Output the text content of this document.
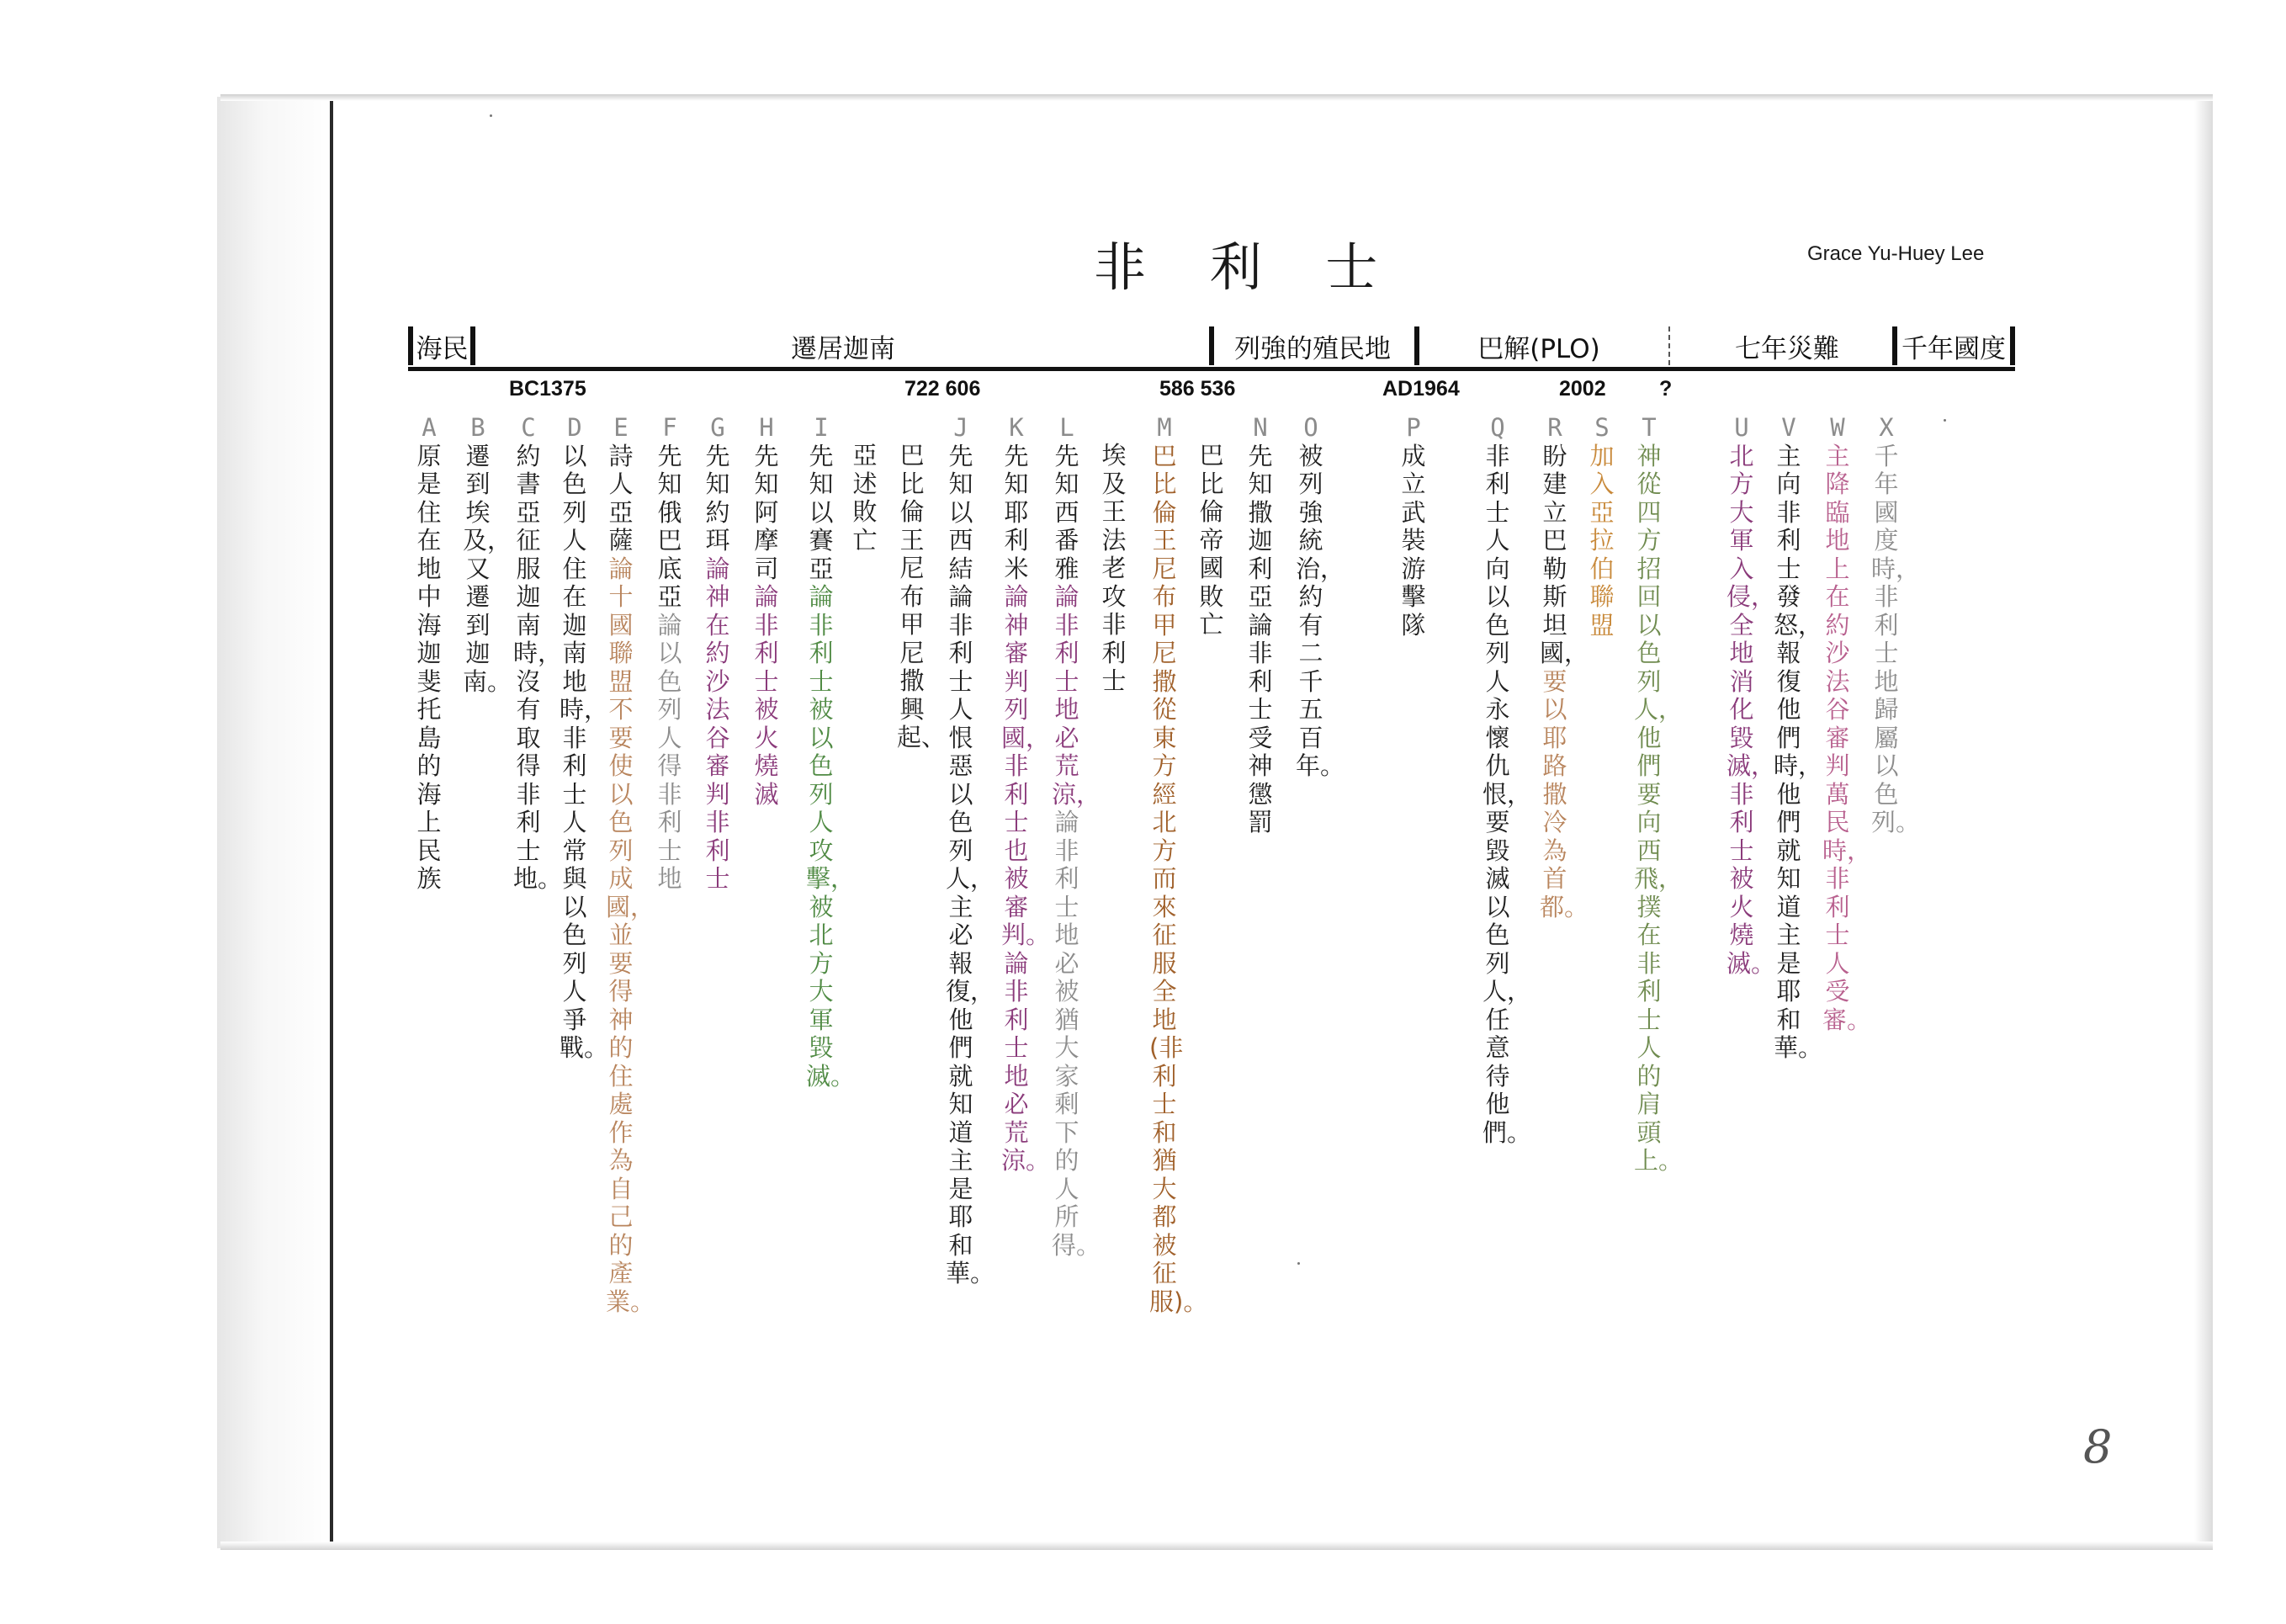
非 利 士	Grace Yu-Huey Lee
海民	遷居迦南	列強的殖民地	巴解(PLO)	七年災難	千年國度
BC1375	722 606	586 536	AD1964	2002	?
A原是住在地中海迦斐托島的海上民族
B遷到埃及，又遷到迦南。
C約書亞征服迦南時，沒有取得非利士地。
D以色列人住在迦南地時，非利士人常與以色列人爭戰。
E詩人亞薩論十國聯盟不要使以色列成國，並要得神的住處作為自己的產業。
F先知俄巴底亞論以色列人得非利士地
G先知約珥論神在約沙法谷審判非利士
H先知阿摩司論非利士被火燒滅
I先知以賽亞論非利士被以色列人攻擊，被北方大軍毀滅。
亞述敗亡
巴比倫王尼布甲尼撒興起、
J先知以西結論非利士人恨惡以色列人，主必報復，他們就知道主是耶和華。
K先知耶利米論神審判列國，非利士也被審判。論非利士地必荒涼。
L先知西番雅論非利士地必荒涼，論非利士地必被猶大家剩下的人所得。
埃及王法老攻非利士
M巴比倫王尼布甲尼撒從東方經北方而來征服全地(非利士和猶大都被征服)。
巴比倫帝國敗亡
N先知撒迦利亞論非利士受神懲罰
O被列強統治，約有二千五百年。
P成立武裝游擊隊
Q非利士人向以色列人永懷仇恨，要毀滅以色列人，任意待他們。
R盼建立巴勒斯坦國，要以耶路撒冷為首都。
S加入亞拉伯聯盟
T神從四方招回以色列人，他們要向西飛，撲在非利士人的肩頭上。
U北方大軍入侵，全地消化毀滅，非利士被火燒滅。
V主向非利士發怒，報復他們時，他們就知道主是耶和華。
W主降臨地上在約沙法谷審判萬民時，非利士人受審。
X千年國度時，非利士地歸屬以色列。
8
